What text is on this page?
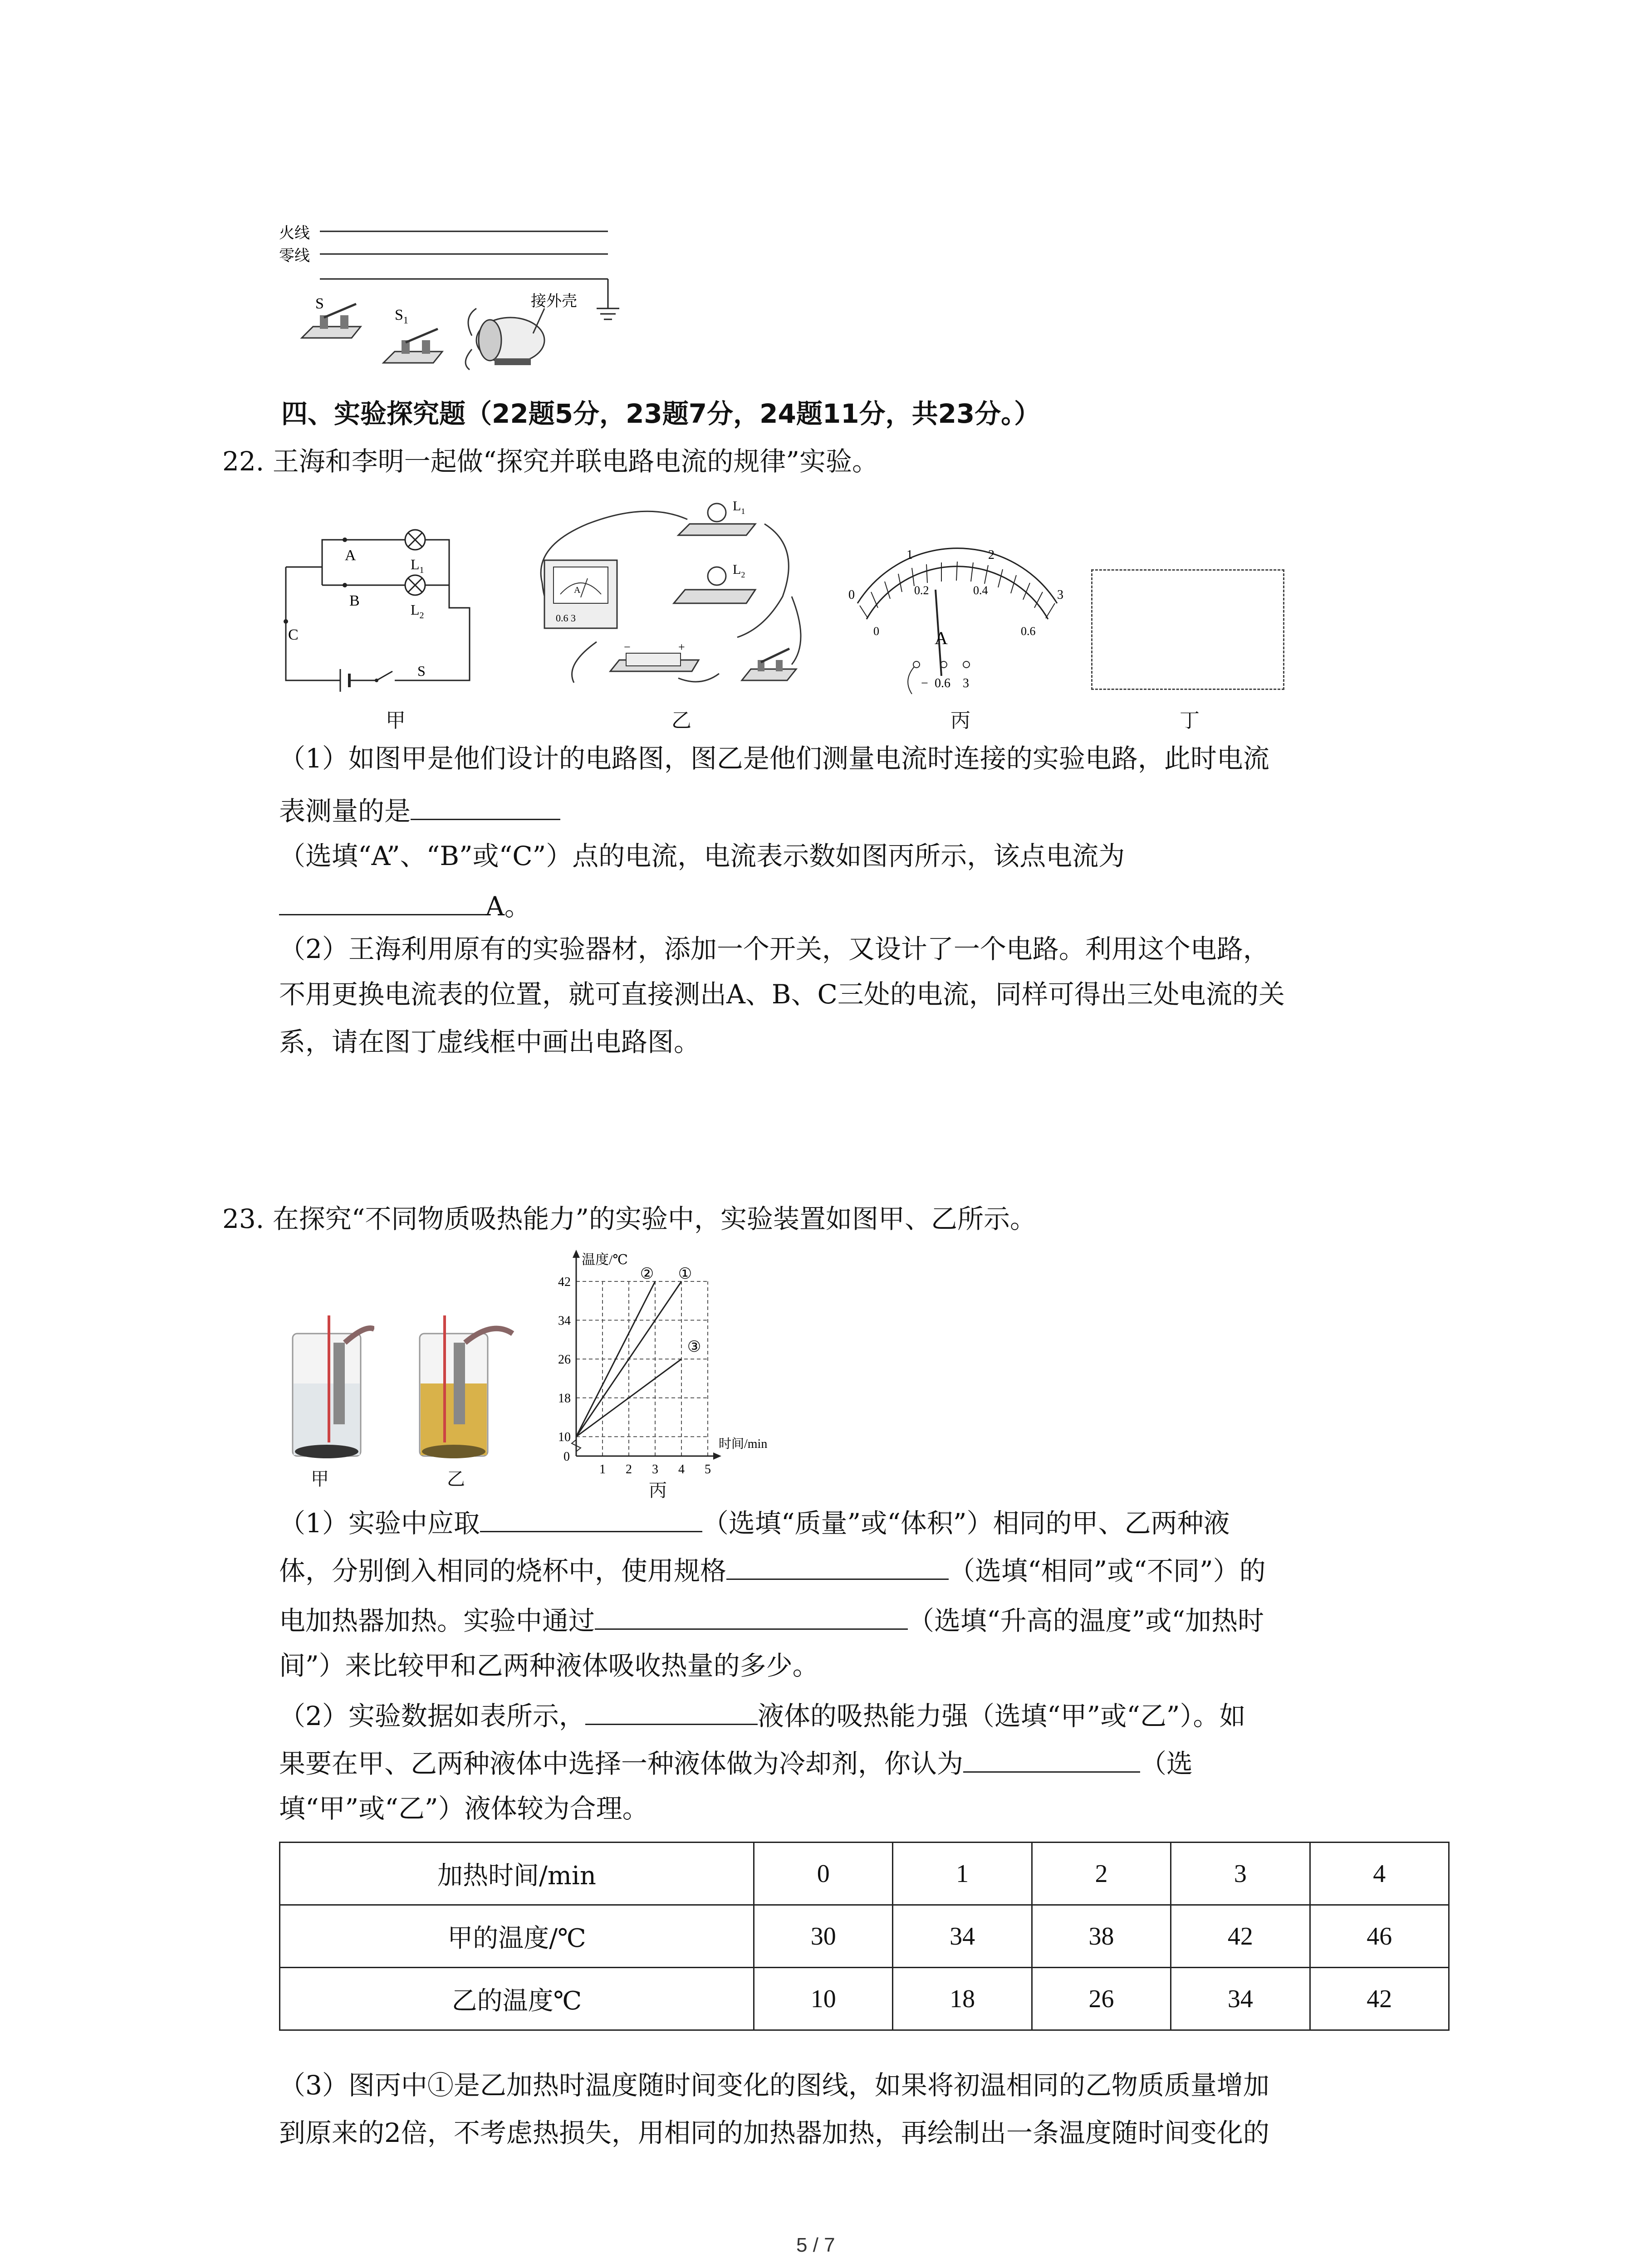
火线
零线
S
$S_1$
接外壳
四、实验探究题（22题5分，23题7分，24题11分，共23分。）
22. 王海和李明一起做“探究并联电路电流的规律”实验。
A
B
C
$L_1$
$L_2$
S
$L_1$
$L_2$
A
0.6 3
−	+
0
1	2
3
0
0.2	0.4
0.6
A
− 0.6 3
甲	乙	丙	丁
（1）如图甲是他们设计的电路图，图乙是他们测量电流时连接的实验电路，此时电流
表测量的是
（选填“A”、“B”或“C”）点的电流，电流表示数如图丙所示，该点电流为
A。
（2）王海利用原有的实验器材，添加一个开关，又设计了一个电路。利用这个电路，
不用更换电流表的位置，就可直接测出A、B、C三处的电流，同样可得出三处电流的关
系，请在图丁虚线框中画出电路图。
23. 在探究“不同物质吸热能力”的实验中，实验装置如图甲、乙所示。
甲	乙
10
18
26
34
42
1 2 3 4 5
0
温度/℃
时间/min
①
②
③
丙
（1）实验中应取	（选填“质量”或“体积”）相同的甲、乙两种液
体，分别倒入相同的烧杯中，使用规格	（选填“相同”或“不同”）的
电加热器加热。实验中通过	（选填“升高的温度”或“加热时
间”）来比较甲和乙两种液体吸收热量的多少。
（2）实验数据如表所示，	液体的吸热能力强（选填“甲”或“乙”）。如
果要在甲、乙两种液体中选择一种液体做为冷却剂，你认为	（选
填“甲”或“乙”）液体较为合理。
加热时间/min	0	1	2	3	4
甲的温度/℃	30	34	38	42	46
乙的温度℃	10	18	26	34	42
（3）图丙中①是乙加热时温度随时间变化的图线，如果将初温相同的乙物质质量增加
到原来的2倍，不考虑热损失，用相同的加热器加热，再绘制出一条温度随时间变化的
5 / 7
